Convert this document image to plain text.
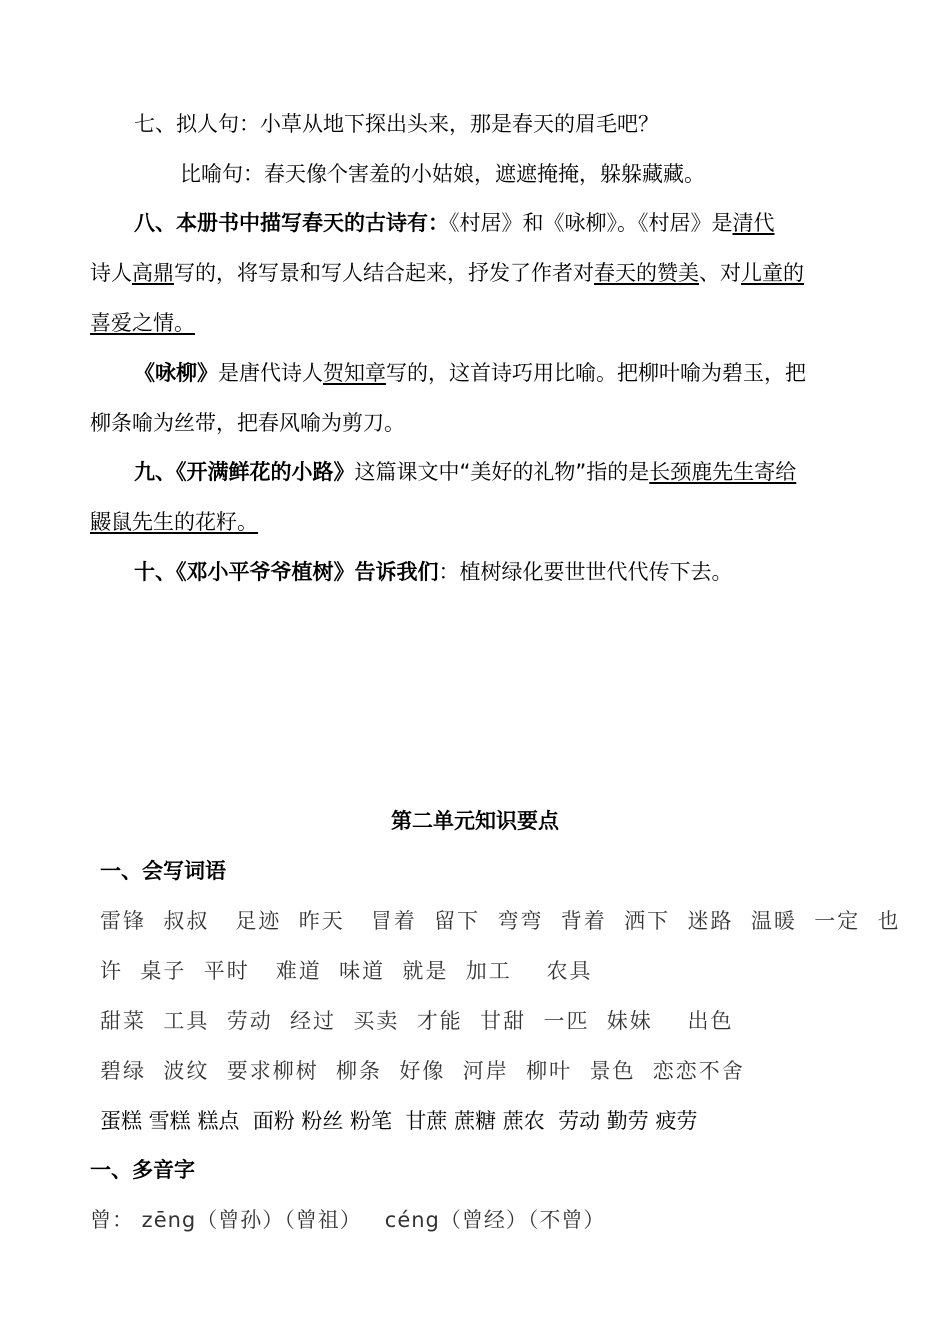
七、拟人句：小草从地下探出头来，那是春天的眉毛吧？
比喻句：春天像个害羞的小姑娘，遮遮掩掩，躲躲藏藏。
八、本册书中描写春天的古诗有：《村居》和《咏柳》。《村居》是清代
诗人高鼎写的，将写景和写人结合起来，抒发了作者对春天的赞美、对儿童的
喜爱之情。
《咏柳》是唐代诗人贺知章写的，这首诗巧用比喻。把柳叶喻为碧玉，把
柳条喻为丝带，把春风喻为剪刀。
九、《开满鲜花的小路》这篇课文中“美好的礼物”指的是长颈鹿先生寄给
鼹鼠先生的花籽。
十、《邓小平爷爷植树》告诉我们：植树绿化要世世代代传下去。
第二单元知识要点
一、会写词语
雷锋  叔叔   足迹  昨天   冒着  留下  弯弯  背着  洒下  迷路  温暖  一定  也
许  桌子  平时   难道  味道  就是  加工    农具
甜菜  工具  劳动  经过  买卖  才能  甘甜  一匹  妹妹    出色
碧绿  波纹  要求柳树  柳条  好像  河岸  柳叶  景色  恋恋不舍
蛋糕 雪糕 糕点  面粉 粉丝 粉笔  甘蔗 蔗糖 蔗农  劳动 勤劳 疲劳
一、多音字
曾： zēng（曾孙）（曾祖）   céng（曾经）（不曾）
